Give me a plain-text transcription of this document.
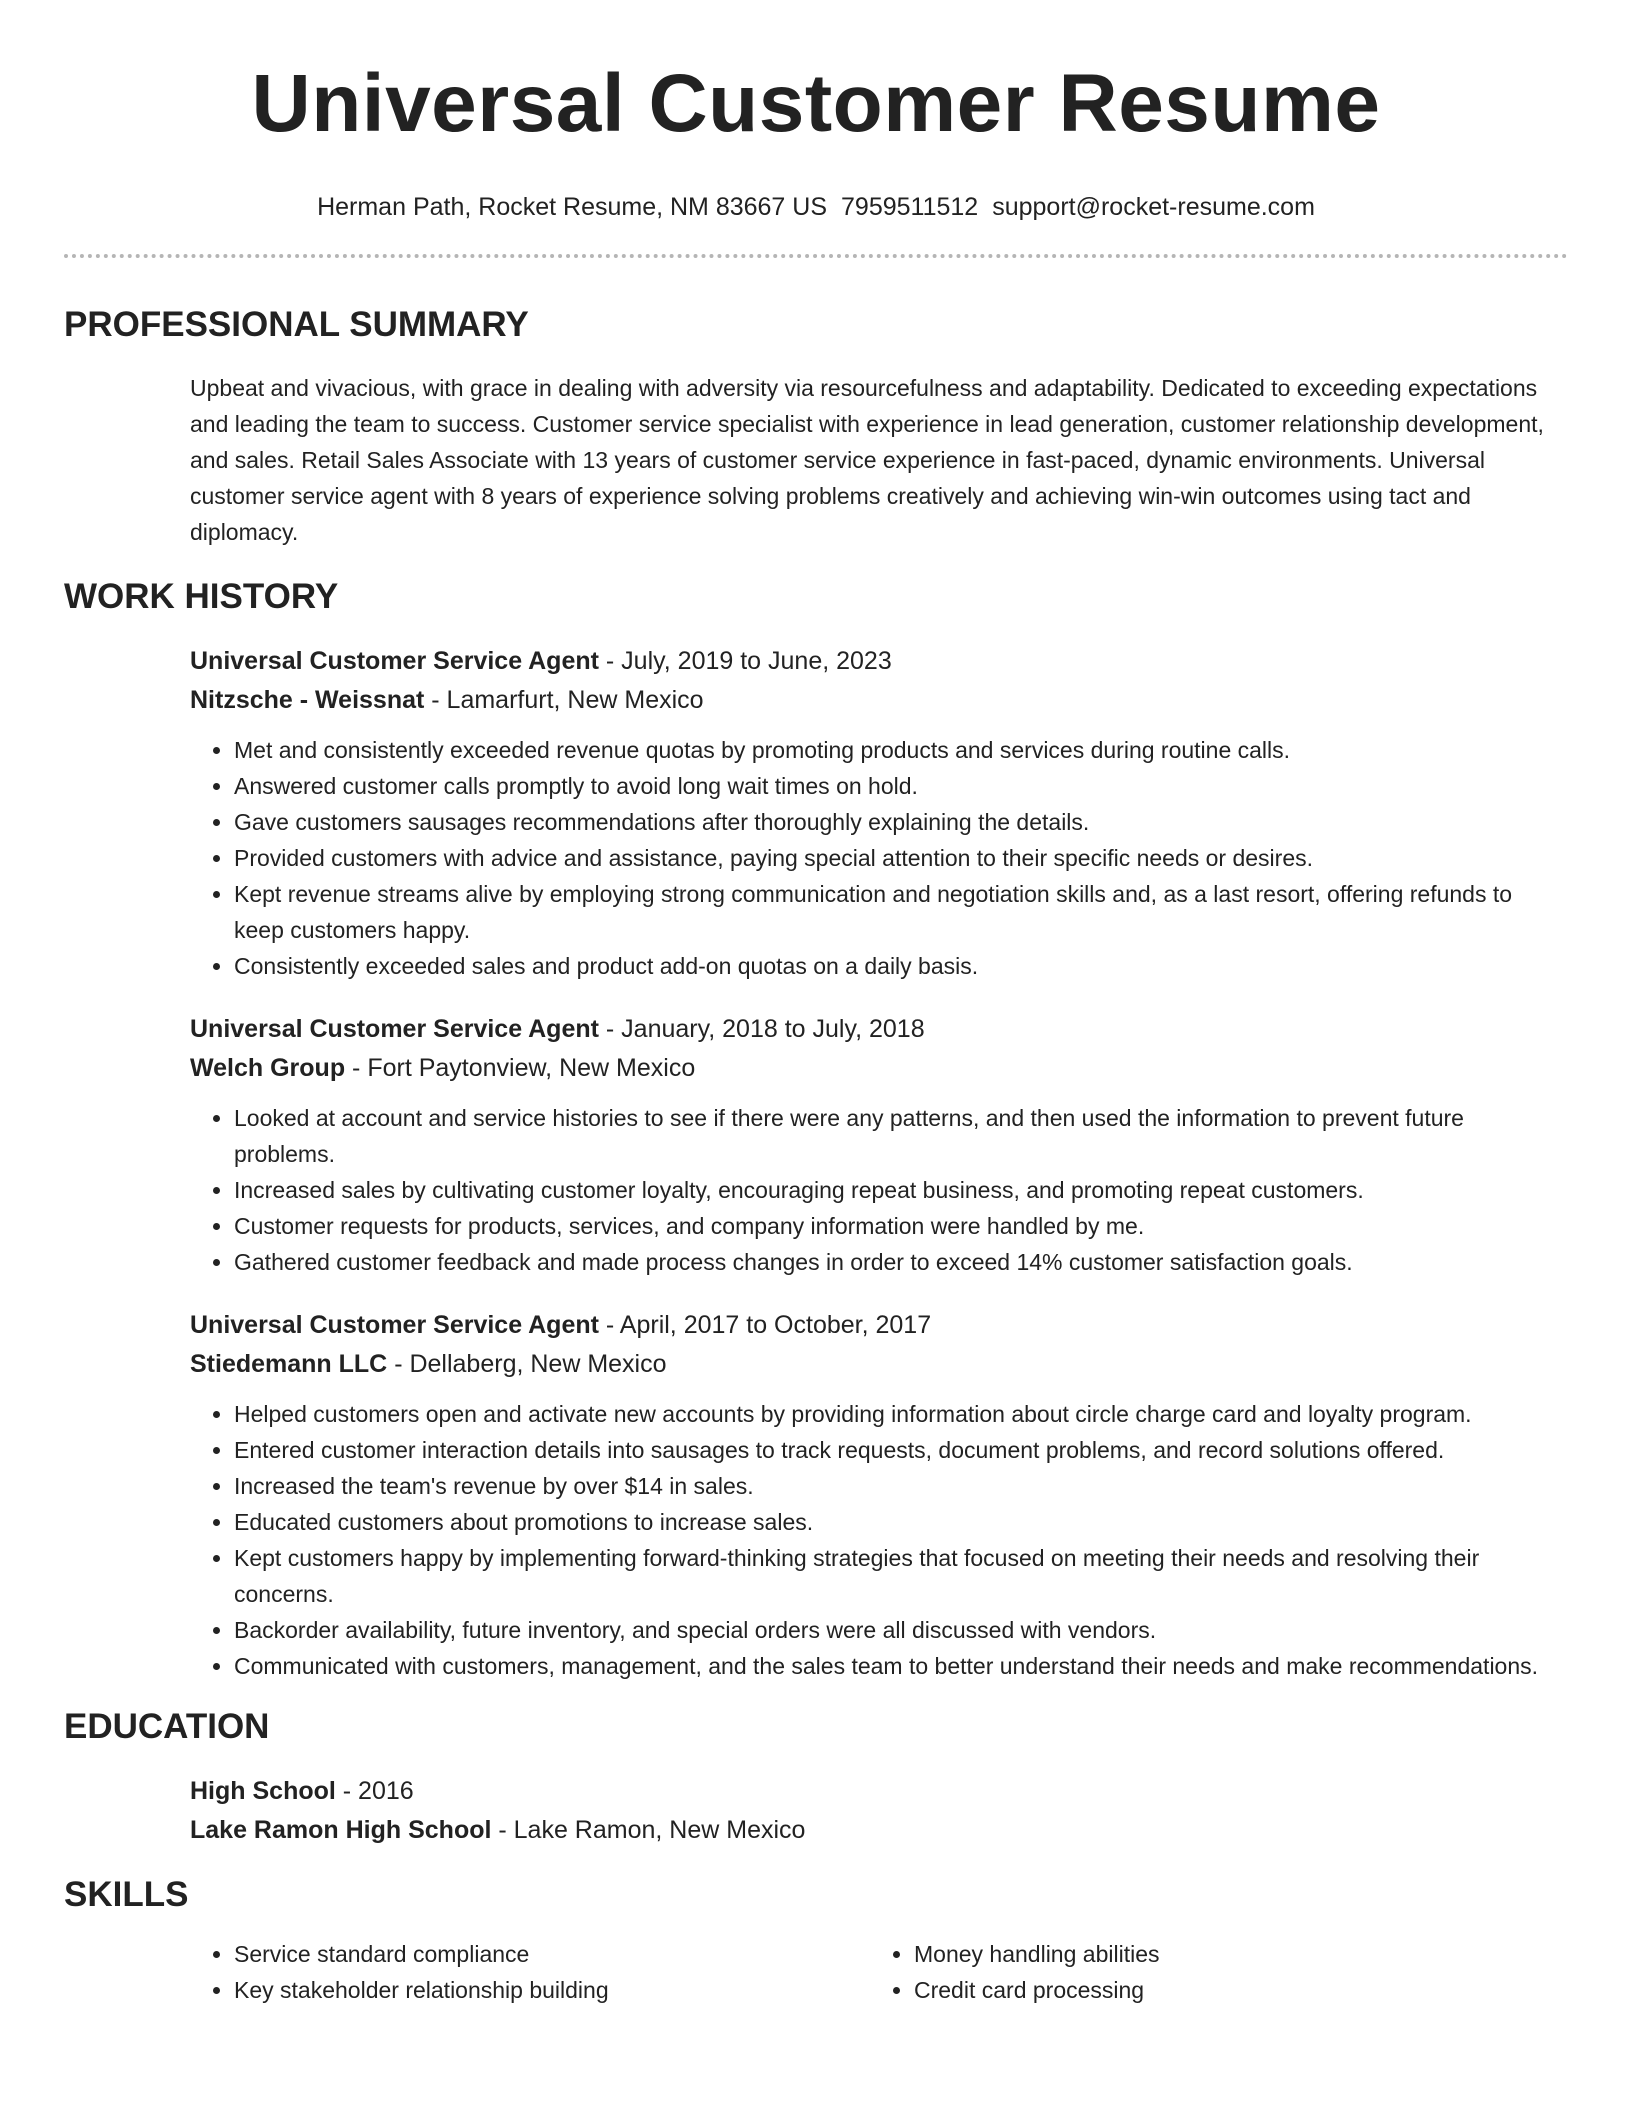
Universal Customer Resume
Herman Path, Rocket Resume, NM 83667 US 7959511512 support@rocket-resume.com
PROFESSIONAL SUMMARY

Upbeat and vivacious, with grace in dealing with adversity via resourcefulness and adaptability. Dedicated to exceeding expectations and leading the team to success. Customer service specialist with experience in lead generation, customer relationship development, and sales. Retail Sales Associate with 13 years of customer service experience in fast-paced, dynamic environments. Universal customer service agent with 8 years of experience solving problems creatively and achieving win-win outcomes using tact and diplomacy.

WORK HISTORY
Universal Customer Service Agent - July, 2019 to June, 2023
Nitzsche - Weissnat - Lamarfurt, New Mexico
• Met and consistently exceeded revenue quotas by promoting products and services during routine calls.
• Answered customer calls promptly to avoid long wait times on hold.
• Gave customers sausages recommendations after thoroughly explaining the details.
• Provided customers with advice and assistance, paying special attention to their specific needs or desires.
• Kept revenue streams alive by employing strong communication and negotiation skills and, as a last resort, offering refunds to keep customers happy.
• Consistently exceeded sales and product add-on quotas on a daily basis.
Universal Customer Service Agent - January, 2018 to July, 2018
Welch Group - Fort Paytonview, New Mexico
• Looked at account and service histories to see if there were any patterns, and then used the information to prevent future problems.
• Increased sales by cultivating customer loyalty, encouraging repeat business, and promoting repeat customers.
• Customer requests for products, services, and company information were handled by me.
• Gathered customer feedback and made process changes in order to exceed 14% customer satisfaction goals.
Universal Customer Service Agent - April, 2017 to October, 2017
Stiedemann LLC - Dellaberg, New Mexico
• Helped customers open and activate new accounts by providing information about circle charge card and loyalty program.
• Entered customer interaction details into sausages to track requests, document problems, and record solutions offered.
• Increased the team's revenue by over $14 in sales.
• Educated customers about promotions to increase sales.
• Kept customers happy by implementing forward-thinking strategies that focused on meeting their needs and resolving their concerns.
• Backorder availability, future inventory, and special orders were all discussed with vendors.
• Communicated with customers, management, and the sales team to better understand their needs and make recommendations.
EDUCATION
High School - 2016
Lake Ramon High School - Lake Ramon, New Mexico
SKILLS
• Service standard compliance
• Key stakeholder relationship building
• Money handling abilities
• Credit card processing
